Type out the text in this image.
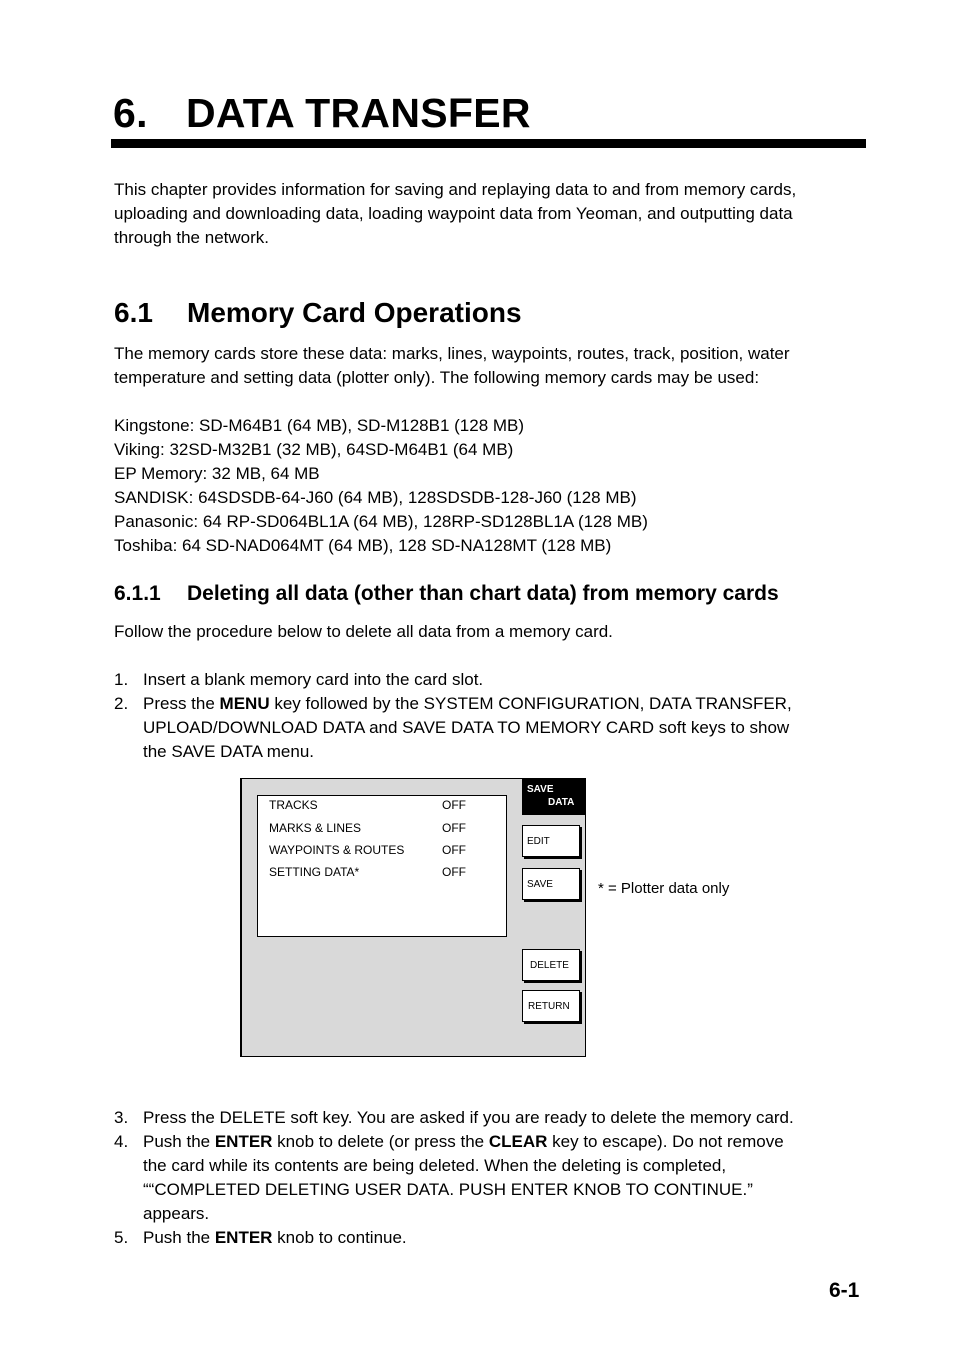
6. DATA TRANSFER
This chapter provides information for saving and replaying data to and from memory cards,
uploading and downloading data, loading waypoint data from Yeoman, and outputting data
through the network.
6.1 Memory Card Operations
The memory cards store these data: marks, lines, waypoints, routes, track, position, water
temperature and setting data (plotter only). The following memory cards may be used:
Kingstone: SD-M64B1 (64 MB), SD-M128B1 (128 MB)
Viking: 32SD-M32B1 (32 MB), 64SD-M64B1 (64 MB)
EP Memory: 32 MB, 64 MB
SANDISK: 64SDSDB-64-J60 (64 MB), 128SDSDB-128-J60 (128 MB)
Panasonic: 64 RP-SD064BL1A (64 MB), 128RP-SD128BL1A (128 MB)
Toshiba: 64 SD-NAD064MT (64 MB), 128 SD-NA128MT (128 MB)
6.1.1 Deleting all data (other than chart data) from memory cards
Follow the procedure below to delete all data from a memory card.
1. Insert a blank memory card into the card slot.
2. Press the MENU key followed by the SYSTEM CONFIGURATION, DATA TRANSFER,
UPLOAD/DOWNLOAD DATA and SAVE DATA TO MEMORY CARD soft keys to show
the SAVE DATA menu.
TRACKS	OFF
MARKS & LINES	OFF
WAYPOINTS & ROUTES	OFF
SETTING DATA*	OFF
SAVE
DATA
EDIT
SAVE
DELETE
RETURN
* = Plotter data only
3. Press the DELETE soft key. You are asked if you are ready to delete the memory card.
4. Push the ENTER knob to delete (or press the CLEAR key to escape). Do not remove
the card while its contents are being deleted. When the deleting is completed,
““COMPLETED DELETING USER DATA. PUSH ENTER KNOB TO CONTINUE.”
appears.
5. Push the ENTER knob to continue.
6-1
